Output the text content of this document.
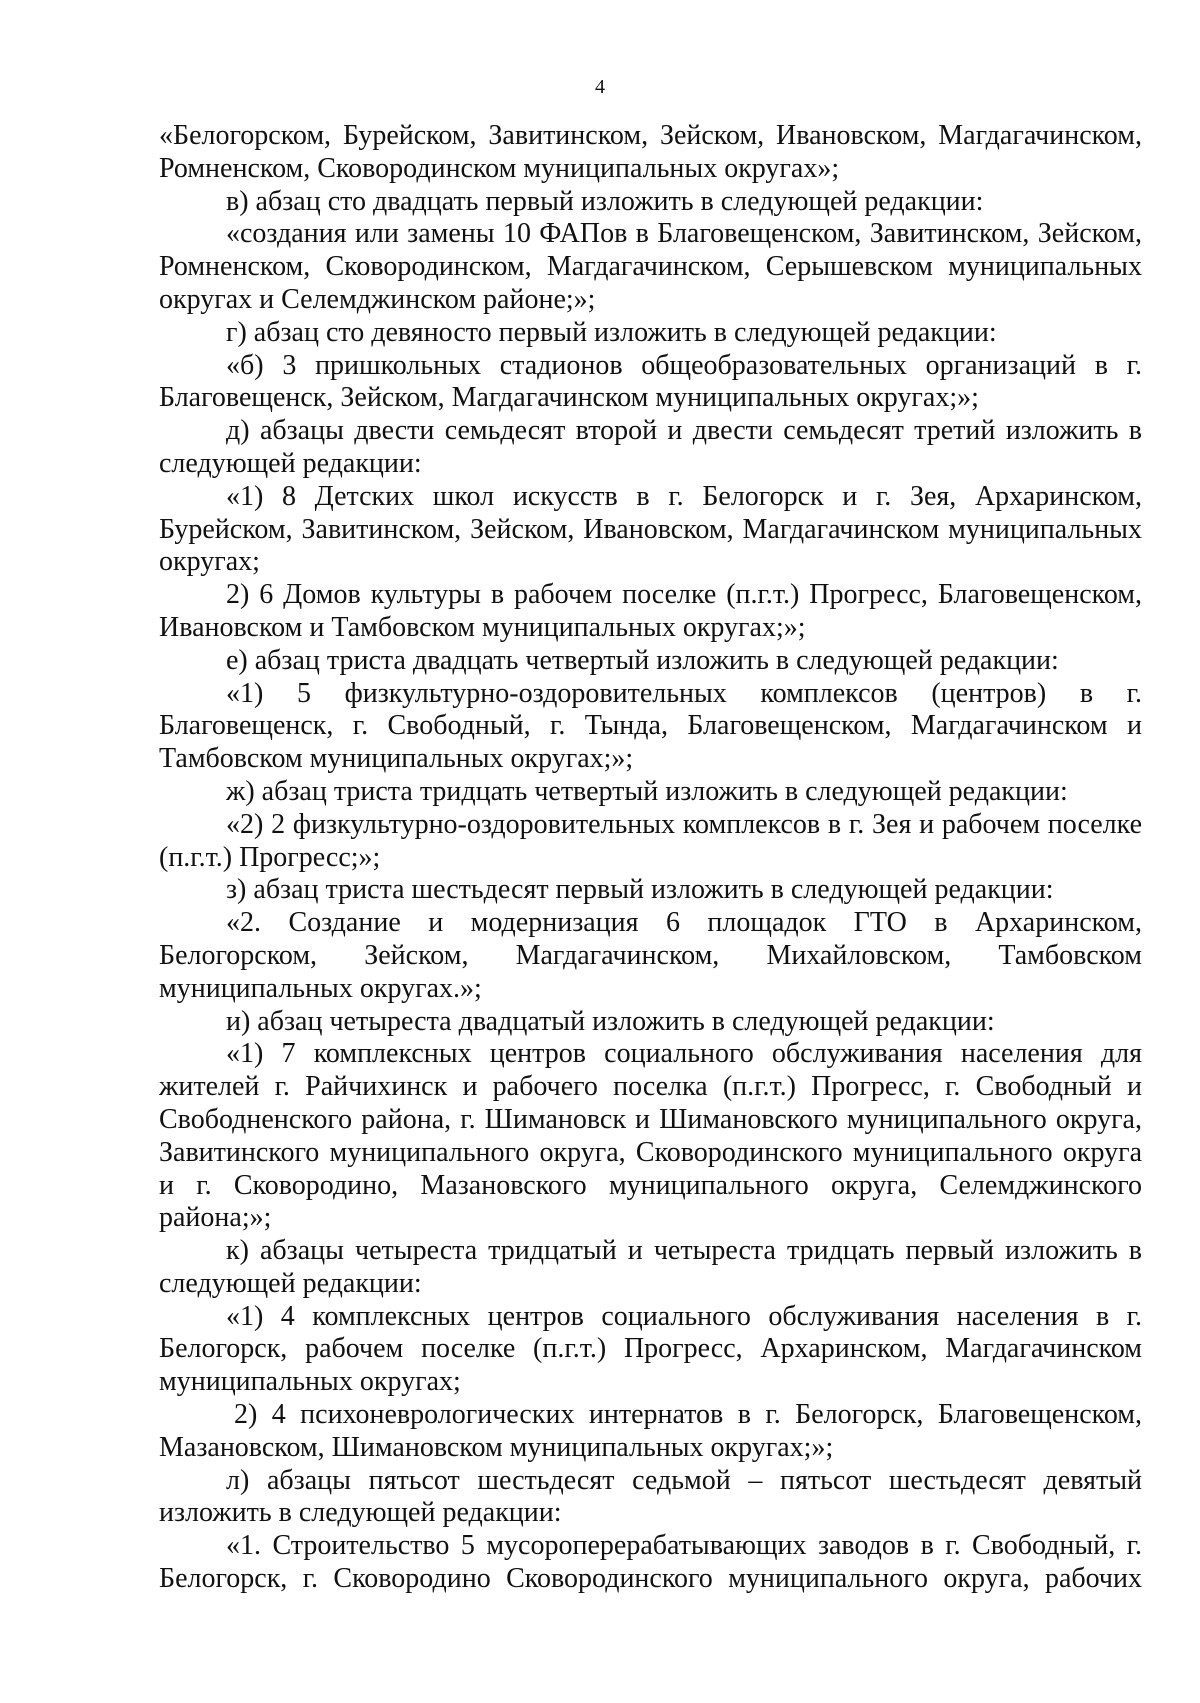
4

«Белогорском, Бурейском, Завитинском, Зейском, Ивановском, Магдагачинском, Ромненском, Сковородинском муниципальных округах»;

в) абзац сто двадцать первый изложить в следующей редакции:

«создания или замены 10 ФАПов в Благовещенском, Завитинском, Зейском, Ромненском, Сковородинском, Магдагачинском, Серышевском муниципальных округах и Селемджинском районе;»;

г) абзац сто девяносто первый изложить в следующей редакции:

«б) 3 пришкольных стадионов общеобразовательных организаций в г. Благовещенск, Зейском, Магдагачинском муниципальных округах;»;

д) абзацы двести семьдесят второй и двести семьдесят третий изложить в следующей редакции:

«1) 8 Детских школ искусств в г. Белогорск и г. Зея, Архаринском, Бурейском, Завитинском, Зейском, Ивановском, Магдагачинском муниципальных округах;

2) 6 Домов культуры в рабочем поселке (п.г.т.) Прогресс, Благовещенском, Ивановском и Тамбовском муниципальных округах;»;

е) абзац триста двадцать четвертый изложить в следующей редакции:

«1) 5 физкультурно-оздоровительных комплексов (центров) в г. Благовещенск, г. Свободный, г. Тында, Благовещенском, Магдагачинском и Тамбовском муниципальных округах;»;

ж) абзац триста тридцать четвертый изложить в следующей редакции:

«2) 2 физкультурно-оздоровительных комплексов в г. Зея и рабочем поселке (п.г.т.) Прогресс;»;

з) абзац триста шестьдесят первый изложить в следующей редакции:

«2. Создание и модернизация 6 площадок ГТО в Архаринском, Белогорском, Зейском, Магдагачинском, Михайловском, Тамбовском муниципальных округах.»;

и) абзац четыреста двадцатый изложить в следующей редакции:

«1) 7 комплексных центров социального обслуживания населения для жителей г. Райчихинск и рабочего поселка (п.г.т.) Прогресс, г. Свободный и Свободненского района, г. Шимановск и Шимановского муниципального округа, Завитинского муниципального округа, Сковородинского муниципального округа и г. Сковородино, Мазановского муниципального округа, Селемджинского района;»;

к) абзацы четыреста тридцатый и четыреста тридцать первый изложить в следующей редакции:

«1) 4 комплексных центров социального обслуживания населения в г. Белогорск, рабочем поселке (п.г.т.) Прогресс, Архаринском, Магдагачинском муниципальных округах;

2) 4 психоневрологических интернатов в г. Белогорск, Благовещенском, Мазановском, Шимановском муниципальных округах;»;

л) абзацы пятьсот шестьдесят седьмой – пятьсот шестьдесят девятый изложить в следующей редакции:

«1. Строительство 5 мусороперерабатывающих заводов в г. Свободный, г. Белогорск, г. Сковородино Сковородинского муниципального округа, рабочих
